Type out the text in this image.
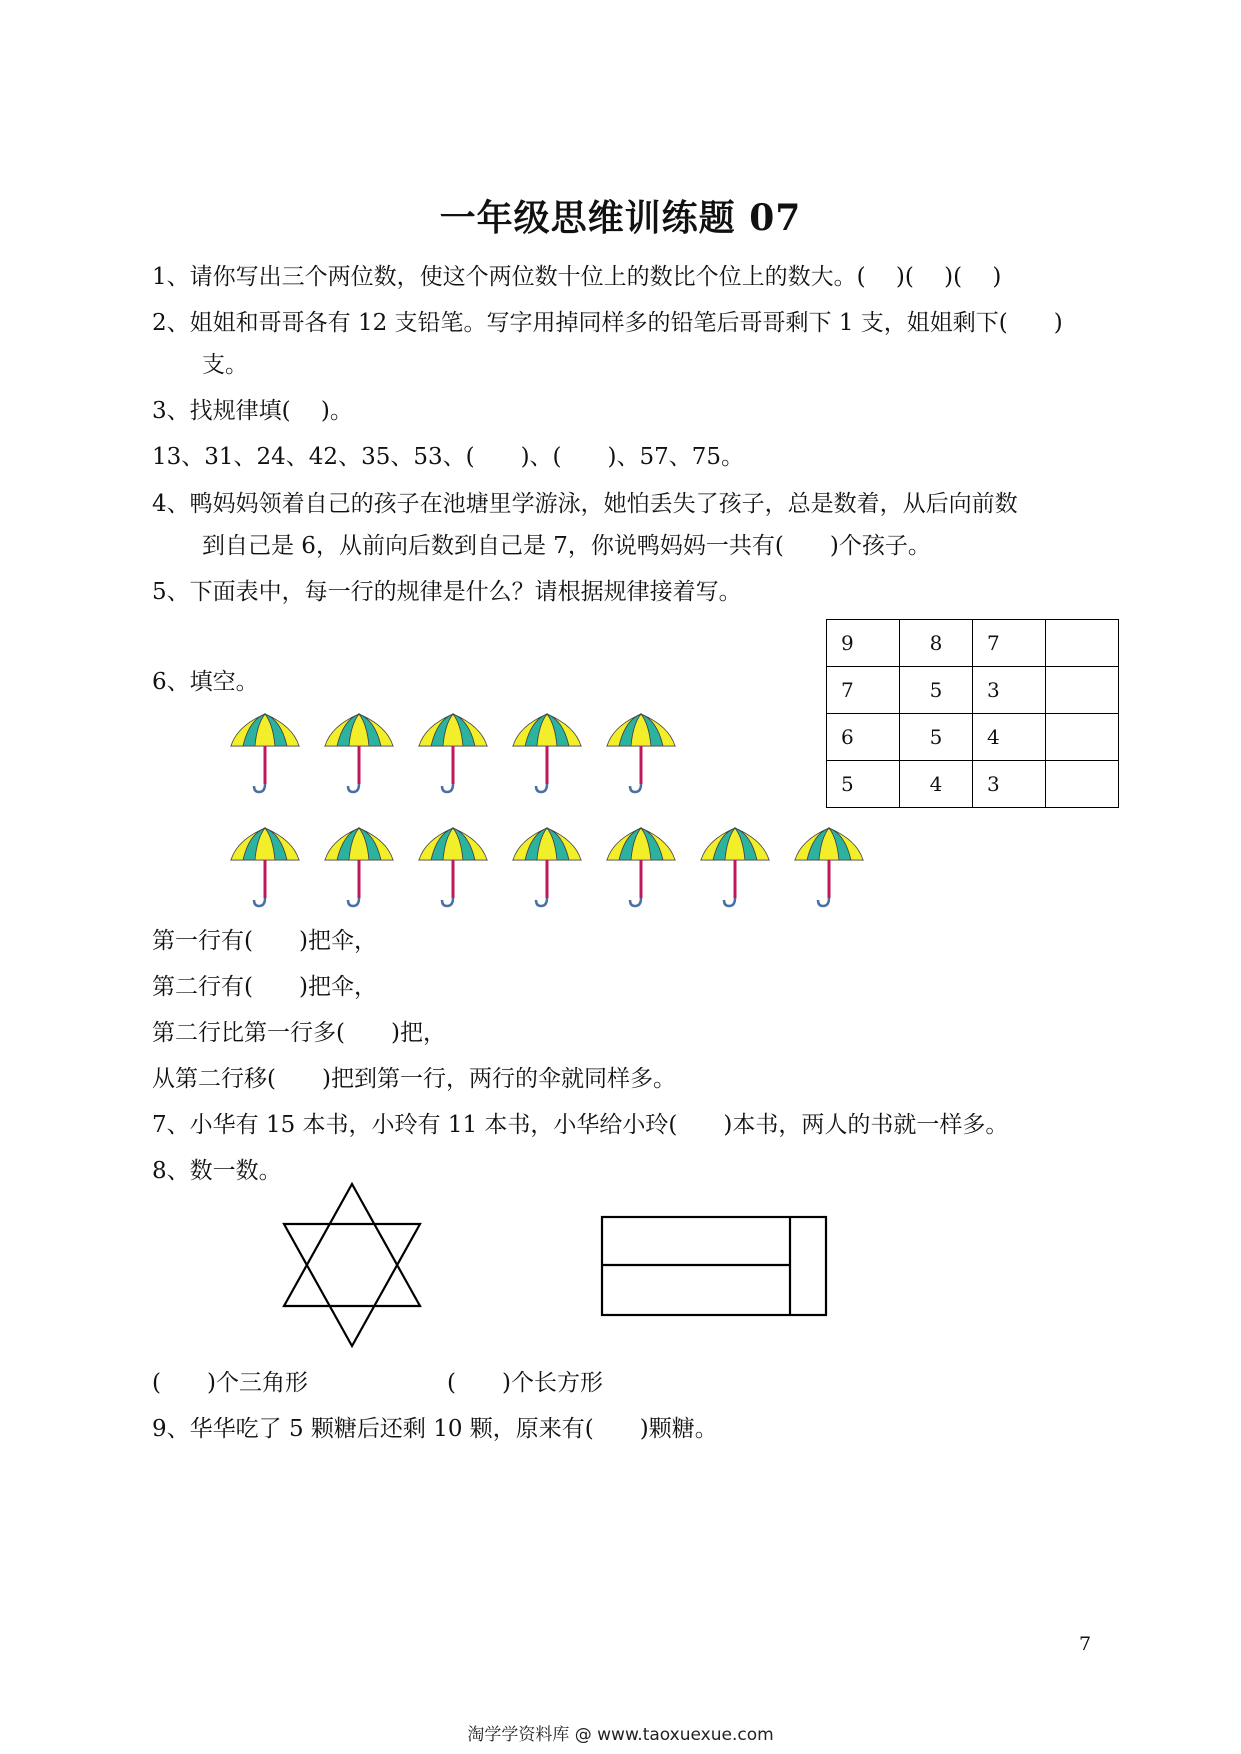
一年级思维训练题 07
1、请你写出三个两位数，使这个两位数十位上的数比个位上的数大。(　 )(　 )(　 )
2、姐姐和哥哥各有 12 支铅笔。写字用掉同样多的铅笔后哥哥剩下 1 支，姐姐剩下(　　)
支。
3、找规律填(　 )。
13、31、24、42、35、53、(　　)、(　　)、57、75。
4、鸭妈妈领着自己的孩子在池塘里学游泳，她怕丢失了孩子，总是数着，从后向前数
到自己是 6，从前向后数到自己是 7，你说鸭妈妈一共有(　　)个孩子。
5、下面表中，每一行的规律是什么？请根据规律接着写。
9	8	7	
7	5	3	
6	5	4	
5	4	3	
6、填空。
第一行有(　　)把伞，
第二行有(　　)把伞，
第二行比第一行多(　　)把，
从第二行移(　　)把到第一行，两行的伞就同样多。
7、小华有 15 本书，小玲有 11 本书，小华给小玲(　　)本书，两人的书就一样多。
8、数一数。
(　　)个三角形	(　　)个长方形
9、华华吃了 5 颗糖后还剩 10 颗，原来有(　　)颗糖。
7
淘学学资料库 @ www.taoxuexue.com
